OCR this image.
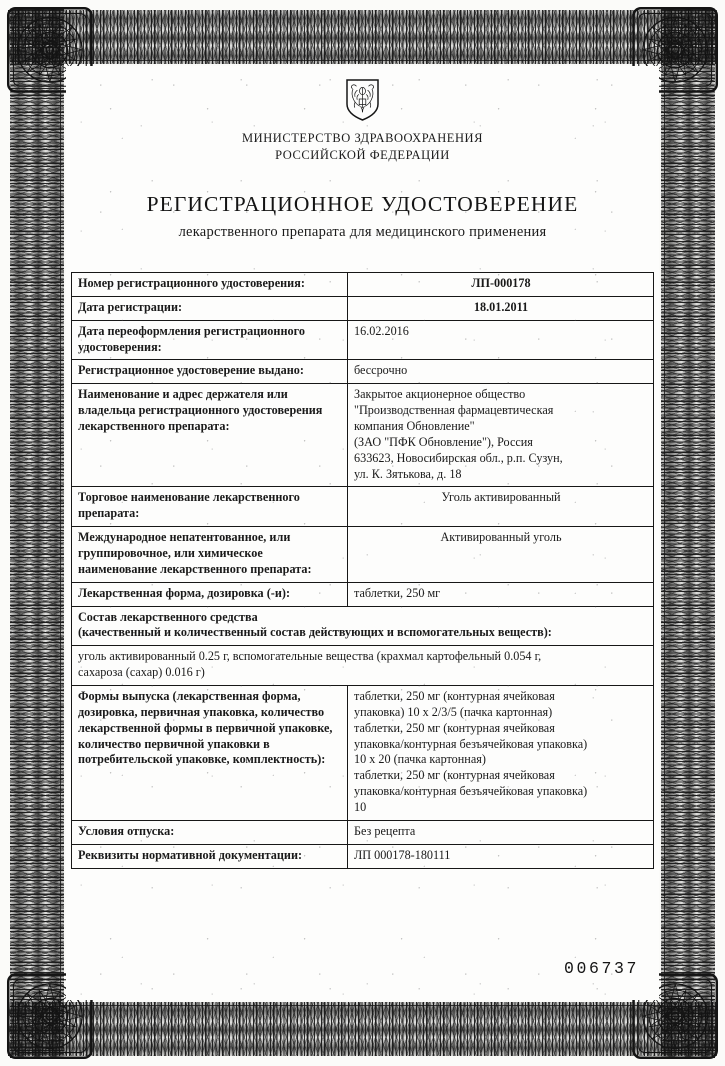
МИНИСТЕРСТВО ЗДРАВООХРАНЕНИЯ
РОССИЙСКОЙ ФЕДЕРАЦИИ
РЕГИСТРАЦИОННОЕ УДОСТОВЕРЕНИЕ
лекарственного препарата для медицинского применения
Номер регистрационного удостоверения:	ЛП-000178
Дата регистрации:	18.01.2011
Дата переоформления регистрационного удостоверения:	16.02.2016
Регистрационное удостоверение выдано:	бессрочно
Наименование и адрес держателя или владельца регистрационного удостоверения лекарственного препарата:	
Закрытое акционерное общество
"Производственная фармацевтическая
компания Обновление"
(ЗАО "ПФК Обновление"), Россия
633623, Новосибирская обл., р.п. Сузун,
ул. К. Зятькова, д. 18

Торговое наименование лекарственного препарата:	Уголь активированный
Международное непатентованное, или группировочное, или химическое наименование лекарственного препарата:	Активированный уголь
Лекарственная форма, дозировка (-и):	таблетки, 250 мг

Состав лекарственного средства
(качественный и количественный состав действующих и вспомогательных веществ):	

уголь активированный 0.25 г, вспомогательные вещества (крахмал картофельный 0.054 г,
сахароза (сахар) 0.016 г)	

Формы выпуска (лекарственная форма, дозировка, первичная упаковка, количество лекарственной формы в первичной упаковке, количество первичной упаковки в потребительской упаковке, комплектность):	
таблетки, 250 мг (контурная ячейковая
упаковка) 10 x 2/3/5 (пачка картонная)
таблетки, 250 мг (контурная ячейковая
упаковка/контурная безъячейковая упаковка)
10 x 20 (пачка картонная)
таблетки, 250 мг (контурная ячейковая
упаковка/контурная безъячейковая упаковка)
10

Условия отпуска:	Без рецепта
Реквизиты нормативной документации:	ЛП 000178-180111
006737
